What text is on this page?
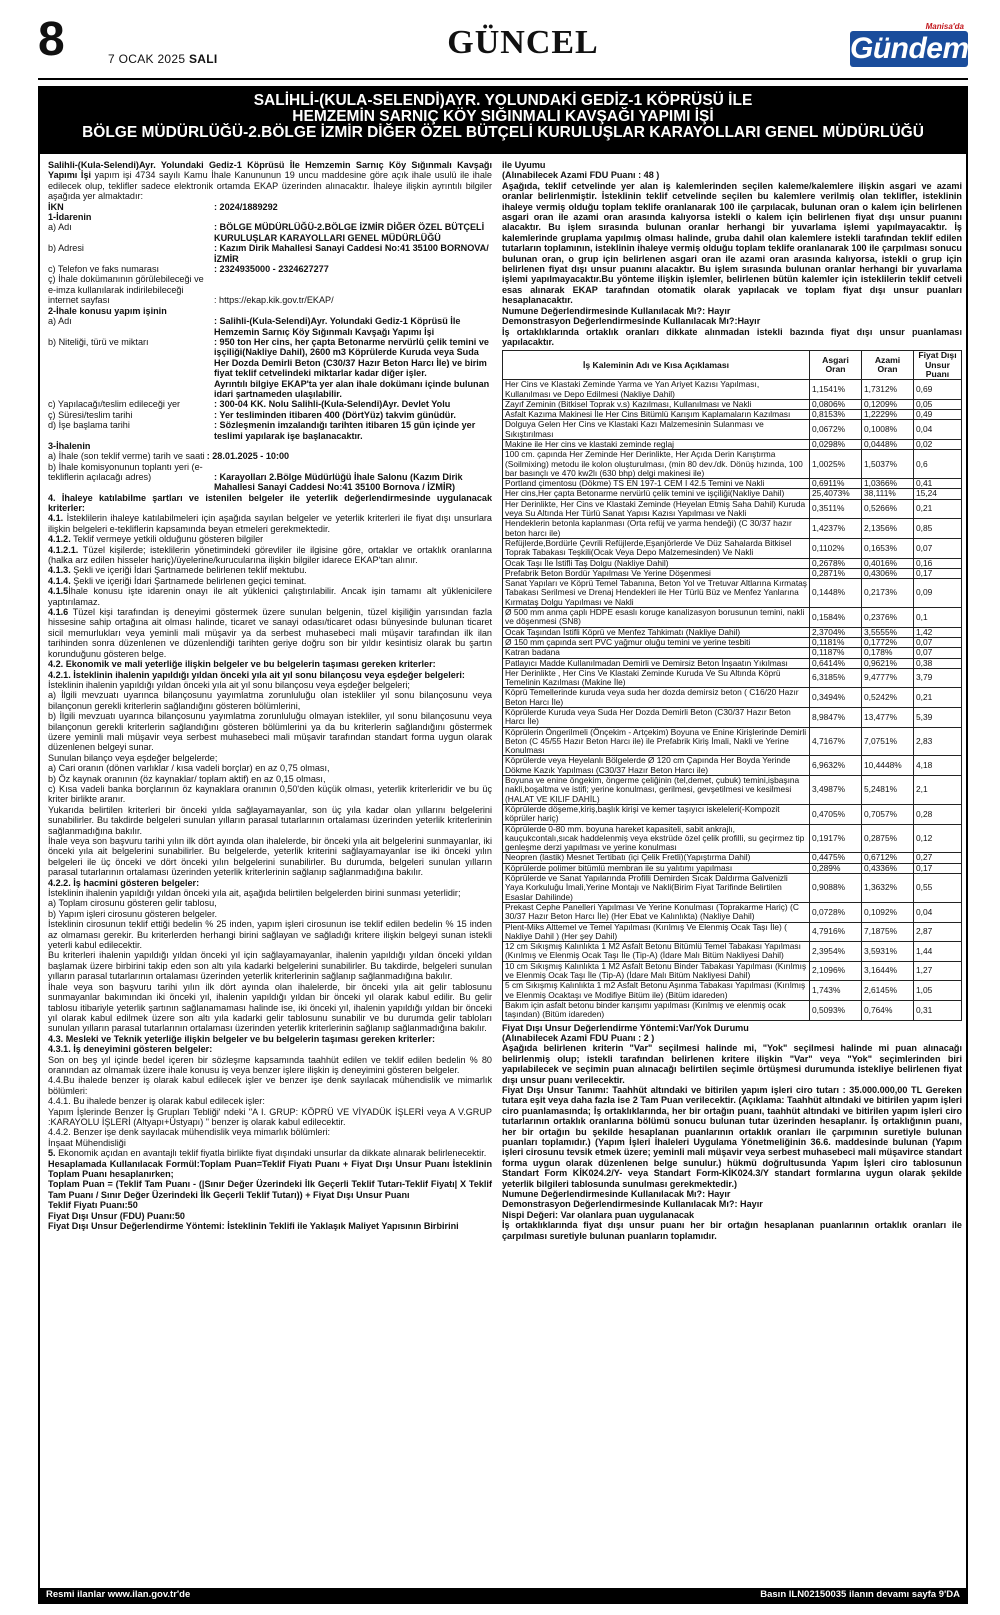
8	7 OCAK 2025 SALI	GÜNCEL	Manisa'da
Gündem
SALİHLİ-(KULA-SELENDİ)AYR. YOLUNDAKİ GEDİZ-1 KÖPRÜSÜ İLE
HEMZEMİN SARNIÇ KÖY SIĞINMALI KAVŞAĞI YAPIMI İŞİ
BÖLGE MÜDÜRLÜĞÜ-2.BÖLGE İZMİR DİĞER ÖZEL BÜTÇELİ KURULUŞLAR KARAYOLLARI GENEL MÜDÜRLÜĞÜ

Salihli-(Kula-Selendi)Ayr. Yolundaki Gediz-1 Köprüsü İle Hemzemin Sarnıç Köy Sığınmalı Kavşağı Yapımı İşi yapım işi 4734 sayılı Kamu İhale Kanununun 19 uncu maddesine göre açık ihale usulü ile ihale edilecek olup, teklifler sadece elektronik ortamda EKAP üzerinden alınacaktır. İhaleye ilişkin ayrıntılı bilgiler aşağıda yer almaktadır:

İKN	: 2024/1889292

1-İdarenin

a) Adı	: BÖLGE MÜDÜRLÜĞÜ-2.BÖLGE İZMİR DİĞER ÖZEL BÜTÇELİ KURULUŞLAR KARAYOLLARI GENEL MÜDÜRLÜĞÜ
b) Adresi	: Kazım Dirik Mahallesi Sanayi Caddesi No:41 35100 BORNOVA/İZMİR
c) Telefon ve faks numarası	: 2324935000 - 2324627277
ç) İhale dokümanının görülebileceği ve e-imza kullanılarak indirilebileceği internet sayfası	: https://ekap.kik.gov.tr/EKAP/

2-İhale konusu yapım işinin

a) Adı	: Salihli-(Kula-Selendi)Ayr. Yolundaki Gediz-1 Köprüsü İle Hemzemin Sarnıç Köy Sığınmalı Kavşağı Yapımı İşi
b) Niteliği, türü ve miktarı	: 950 ton Her cins, her çapta Betonarme nervürlü çelik temini ve işçiliği(Nakliye Dahil), 2600 m3 Köprülerde Kuruda veya Suda Her Dozda Demirli Beton (C30/37 Hazır Beton Harcı İle) ve birim fiyat teklif cetvelindeki miktarlar kadar diğer işler.
Ayrıntılı bilgiye EKAP'ta yer alan ihale dokümanı içinde bulunan idari şartnameden ulaşılabilir.
c) Yapılacağı/teslim edileceği yer	: 300-04 KK. Nolu Salihli-(Kula-Selendi)Ayr. Devlet Yolu
ç) Süresi/teslim tarihi	: Yer tesliminden itibaren 400 (DörtYüz) takvim günüdür.
d) İşe başlama tarihi	: Sözleşmenin imzalandığı tarihten itibaren 15 gün içinde yer teslimi yapılarak işe başlanacaktır.

3-İhalenin

a) İhale (son teklif verme) tarih ve saati : 28.01.2025 - 10:00
b) İhale komisyonunun toplantı yeri (e-tekliflerin açılacağı adres)	: Karayolları 2.Bölge Müdürlüğü İhale Salonu (Kazım Dirik Mahallesi Sanayi Caddesi No:41 35100 Bornova / İZMİR)

4. İhaleye katılabilme şartları ve istenilen belgeler ile yeterlik değerlendirmesinde uygulanacak kriterler:

4.1. İsteklilerin ihaleye katılabilmeleri için aşağıda sayılan belgeler ve yeterlik kriterleri ile fiyat dışı unsurlara ilişkin belgeleri e-tekliflerin kapsamında beyan etmeleri gerekmektedir.

4.1.2. Teklif vermeye yetkili olduğunu gösteren bilgiler

4.1.2.1. Tüzel kişilerde; isteklilerin yönetimindeki görevliler ile ilgisine göre, ortaklar ve ortaklık oranlarına (halka arz edilen hisseler hariç)/üyelerine/kurucularına ilişkin bilgiler idarece EKAP'tan alınır.

4.1.3. Şekli ve içeriği İdari Şartnamede belirlenen teklif mektubu.

4.1.4. Şekli ve içeriği İdari Şartnamede belirlenen geçici teminat.

4.1.5İhale konusu işte idarenin onayı ile alt yüklenici çalıştırılabilir. Ancak işin tamamı alt yüklenicilere yaptırılamaz.

4.1.6 Tüzel kişi tarafından iş deneyimi göstermek üzere sunulan belgenin, tüzel kişiliğin yarısından fazla hissesine sahip ortağına ait olması halinde, ticaret ve sanayi odası/ticaret odası bünyesinde bulunan ticaret sicil memurlukları veya yeminli mali müşavir ya da serbest muhasebeci mali müşavir tarafından ilk ilan tarihinden sonra düzenlenen ve düzenlendiği tarihten geriye doğru son bir yıldır kesintisiz olarak bu şartın korunduğunu gösteren belge.

4.2. Ekonomik ve mali yeterliğe ilişkin belgeler ve bu belgelerin taşıması gereken kriterler:

4.2.1. İsteklinin ihalenin yapıldığı yıldan önceki yıla ait yıl sonu bilançosu veya eşdeğer belgeleri:

İsteklinin ihalenin yapıldığı yıldan önceki yıla ait yıl sonu bilançosu veya eşdeğer belgeleri;

a) İlgili mevzuatı uyarınca bilançosunu yayımlatma zorunluluğu olan istekliler yıl sonu bilançosunu veya bilançonun gerekli kriterlerin sağlandığını gösteren bölümlerini,

b) İlgili mevzuatı uyarınca bilançosunu yayımlatma zorunluluğu olmayan istekliler, yıl sonu bilançosunu veya bilançonun gerekli kriterlerin sağlandığını gösteren bölümlerini ya da bu kriterlerin sağlandığını göstermek üzere yeminli mali müşavir veya serbest muhasebeci mali müşavir tarafından standart forma uygun olarak düzenlenen belgeyi sunar.

Sunulan bilanço veya eşdeğer belgelerde;

a) Cari oranın (dönen varlıklar / kısa vadeli borçlar) en az 0,75 olması,

b) Öz kaynak oranının (öz kaynaklar/ toplam aktif) en az 0,15 olması,

c) Kısa vadeli banka borçlarının öz kaynaklara oranının 0,50'den küçük olması, yeterlik kriterleridir ve bu üç kriter birlikte aranır.

Yukarıda belirtilen kriterleri bir önceki yılda sağlayamayanlar, son üç yıla kadar olan yıllarını belgelerini sunabilirler. Bu takdirde belgeleri sunulan yılların parasal tutarlarının ortalaması üzerinden yeterlik kriterlerinin sağlanmadığına bakılır.

İhale veya son başvuru tarihi yılın ilk dört ayında olan ihalelerde, bir önceki yıla ait belgelerini sunmayanlar, iki önceki yıla ait belgelerini sunabilirler. Bu belgelerde, yeterlik kriterini sağlayamayanlar ise iki önceki yılın belgeleri ile üç önceki ve dört önceki yılın belgelerini sunabilirler. Bu durumda, belgeleri sunulan yılların parasal tutarlarının ortalaması üzerinden yeterlik kriterlerinin sağlanıp sağlanmadığına bakılır.

4.2.2. İş hacmini gösteren belgeler:

İsteklinin ihalenin yapıldığı yıldan önceki yıla ait, aşağıda belirtilen belgelerden birini sunması yeterlidir;

a) Toplam cirosunu gösteren gelir tablosu,

b) Yapım işleri cirosunu gösteren belgeler.

İsteklinin cirosunun teklif ettiği bedelin % 25 inden, yapım işleri cirosunun ise teklif edilen bedelin % 15 inden az olmaması gerekir. Bu kriterlerden herhangi birini sağlayan ve sağladığı kritere ilişkin belgeyi sunan istekli yeterli kabul edilecektir.

Bu kriterleri ihalenin yapıldığı yıldan önceki yıl için sağlayamayanlar, ihalenin yapıldığı yıldan önceki yıldan başlamak üzere birbirini takip eden son altı yıla kadarki belgelerini sunabilirler. Bu takdirde, belgeleri sunulan yılların parasal tutarlarının ortalaması üzerinden yeterlik kriterlerinin sağlanıp sağlanmadığına bakılır.

İhale veya son başvuru tarihi yılın ilk dört ayında olan ihalelerde, bir önceki yıla ait gelir tablosunu sunmayanlar bakımından iki önceki yıl, ihalenin yapıldığı yıldan bir önceki yıl olarak kabul edilir. Bu gelir tablosu itibariyle yeterlik şartının sağlanamaması halinde ise, iki önceki yıl, ihalenin yapıldığı yıldan bir önceki yıl olarak kabul edilmek üzere son altı yıla kadarki gelir tablosunu sunabilir ve bu durumda gelir tabloları sunulan yılların parasal tutarlarının ortalaması üzerinden yeterlik kriterlerinin sağlanıp sağlanmadığına bakılır.

4.3. Mesleki ve Teknik yeterliğe ilişkin belgeler ve bu belgelerin taşıması gereken kriterler:

4.3.1. İş deneyimini gösteren belgeler:

Son on beş yıl içinde bedel içeren bir sözleşme kapsamında taahhüt edilen ve teklif edilen bedelin % 80 oranından az olmamak üzere ihale konusu iş veya benzer işlere ilişkin iş deneyimini gösteren belgeler.

4.4.Bu ihalede benzer iş olarak kabul edilecek işler ve benzer işe denk sayılacak mühendislik ve mimarlık bölümleri:

4.4.1. Bu ihalede benzer iş olarak kabul edilecek işler:

Yapım İşlerinde Benzer İş Grupları Tebliği' ndeki "A I. GRUP: KÖPRÜ VE VİYADÜK İŞLERİ veya A V.GRUP :KARAYOLU İŞLERİ (Altyapı+Üstyapı) " benzer iş olarak kabul edilecektir.

4.4.2. Benzer işe denk sayılacak mühendislik veya mimarlık bölümleri:

İnşaat Mühendisliği

5. Ekonomik açıdan en avantajlı teklif fiyatla birlikte fiyat dışındaki unsurlar da dikkate alınarak belirlenecektir.

Hesaplamada Kullanılacak Formül:Toplam Puan=Teklif Fiyatı Puanı + Fiyat Dışı Unsur Puanı İsteklinin Toplam Puanı hesaplanırken;

Toplam Puan = (Teklif Tam Puanı - (|Sınır Değer Üzerindeki İlk Geçerli Teklif Tutarı-Teklif Fiyatı| X Teklif Tam Puanı / Sınır Değer Üzerindeki İlk Geçerli Teklif Tutarı)) + Fiyat Dışı Unsur Puanı

Teklif Fiyatı Puanı:50

Fiyat Dışı Unsur (FDU) Puanı:50

Fiyat Dışı Unsur Değerlendirme Yöntemi: İsteklinin Teklifi ile Yaklaşık Maliyet Yapısının Birbirini

ile Uyumu

(Alınabilecek Azami FDU Puanı : 48 )

Aşağıda, teklif cetvelinde yer alan iş kalemlerinden seçilen kaleme/kalemlere ilişkin asgari ve azami oranlar belirlenmiştir. İsteklinin teklif cetvelinde seçilen bu kalemlere verilmiş olan teklifler, isteklinin ihaleye vermiş olduğu toplam teklife oranlanarak 100 ile çarpılacak, bulunan oran o kalem için belirlenen asgari oran ile azami oran arasında kalıyorsa istekli o kalem için belirlenen fiyat dışı unsur puanını alacaktır. Bu işlem sırasında bulunan oranlar herhangi bir yuvarlama işlemi yapılmayacaktır. İş kalemlerinde gruplama yapılmış olması halinde, gruba dahil olan kalemlere istekli tarafından teklif edilen tutarların toplamının, isteklinin ihaleye vermiş olduğu toplam teklife oranlanarak 100 ile çarpılması sonucu bulunan oran, o grup için belirlenen asgari oran ile azami oran arasında kalıyorsa, istekli o grup için belirlenen fiyat dışı unsur puanını alacaktır. Bu işlem sırasında bulunan oranlar herhangi bir yuvarlama işlemi yapılmayacaktır.Bu yönteme ilişkin işlemler, belirlenen bütün kalemler için isteklilerin teklif cetveli esas alınarak EKAP tarafından otomatik olarak yapılacak ve toplam fiyat dışı unsur puanları hesaplanacaktır.

Numune Değerlendirmesinde Kullanılacak Mı?: Hayır

Demonstrasyon Değerlendirmesinde Kullanılacak Mı?:Hayır

İş ortaklıklarında ortaklık oranları dikkate alınmadan istekli bazında fiyat dışı unsur puanlaması yapılacaktır.

İş Kaleminin Adı ve Kısa Açıklaması	Asgari Oran	Azami Oran	Fiyat Dışı Unsur Puanı
Her Cins ve Klastaki Zeminde Yarma ve Yan Ariyet Kazısı Yapılması, Kullanılması ve Depo Edilmesi (Nakliye Dahil)	1,1541%	1,7312%	0,69
Zayıf Zeminin (Bitkisel Toprak v.s) Kazılması, Kullanılması ve Nakli	0,0806%	0,1209%	0,05
Asfalt Kazıma Makinesi İle Her Cins Bitümlü Karışım Kaplamaların Kazılması	0,8153%	1,2229%	0,49
Dolguya Gelen Her Cins ve Klastaki Kazı Malzemesinin Sulanması ve Sıkıştırılması	0,0672%	0,1008%	0,04
Makine ile Her cins ve klastaki zeminde reglaj	0,0298%	0,0448%	0,02
100 cm. çapında Her Zeminde Her Derinlikte, Her Açıda Derin Karıştırma (Soilmixing) metodu ile kolon oluşturulması, (min 80 dev./dk. Dönüş hızında, 100 bar basınçlı ve 470 kw2lı (630 bhp) delgi makinesi ile)	1,0025%	1,5037%	0,6
Portland çimentosu (Dökme) TS EN 197-1 CEM I 42.5 Temini ve Nakli	0,6911%	1,0366%	0,41
Her cins,Her çapta Betonarme nervürlü çelik temini ve işçiliği(Nakliye Dahil)	25,4073%	38,111%	15,24
Her Derinlikte, Her Cins ve Klastaki Zeminde (Heyelan Etmiş Saha Dahil) Kuruda veya Su Altında Her Türlü Sanat Yapısı Kazısı Yapılması ve Nakli	0,3511%	0,5266%	0,21
Hendeklerin betonla kaplanması (Orta refüj ve yarma hendeği) (C 30/37 hazır beton harcı ile)	1,4237%	2,1356%	0,85
Refüjlerde,Bordürle Çevrili Refüjlerde,Eşanjörlerde Ve Düz Sahalarda Bitkisel Toprak Tabakası Teşkili(Ocak Veya Depo Malzemesinden) Ve Nakli	0,1102%	0,1653%	0,07
Ocak Taşı İle İstifli Taş Dolgu (Nakliye Dahil)	0,2678%	0,4016%	0,16
Prefabrik Beton Bordür Yapılması Ve Yerine Döşenmesi	0,2871%	0,4306%	0,17
Sanat Yapıları ve Köprü Temel Tabanına, Beton Yol ve Tretuvar Altlarına Kırmataş Tabakası Serilmesi ve Drenaj Hendekleri ile Her Türlü Büz ve Menfez Yanlarına Kırmataş Dolgu Yapılması ve Nakli	0,1448%	0,2173%	0,09
Ø 500 mm anma çaplı HDPE esaslı koruge kanalizasyon borusunun temini, nakli ve döşenmesi (SN8)	0,1584%	0,2376%	0,1
Ocak Taşından İstifli Köprü ve Menfez Tahkimatı (Nakliye Dahil)	2,3704%	3,5555%	1,42
Ø 150 mm çapında sert PVC yağmur oluğu temini ve yerine tesbiti	0,1181%	0,1772%	0,07
Katran badana	0,1187%	0,178%	0,07
Patlayıcı Madde Kullanılmadan Demirli ve Demirsiz Beton İnşaatın Yıkılması	0,6414%	0,9621%	0,38
Her Derinlikte , Her Cins Ve Klastaki Zeminde Kuruda Ve Su Altında Köprü Temelinin Kazılması (Makine İle)	6,3185%	9,4777%	3,79
Köprü Temellerinde kuruda veya suda her dozda demirsiz beton ( C16/20 Hazır Beton Harcı İle)	0,3494%	0,5242%	0,21
Köprülerde Kuruda veya Suda Her Dozda Demirli Beton (C30/37 Hazır Beton Harcı İle)	8,9847%	13,477%	5,39
Köprülerin Öngerilmeli (Önçekim - Artçekim) Boyuna ve Enine Kirişlerinde Demirli Beton (C 45/55 Hazır Beton Harcı ile) ile Prefabrik Kiriş İmali, Nakli ve Yerine Konulması	4,7167%	7,0751%	2,83
Köprülerde veya Heyelanlı Bölgelerde Ø 120 cm Çapında Her Boyda Yerinde Dökme Kazık Yapılması (C30/37 Hazır Beton Harcı ile)	6,9632%	10,4448%	4,18
Boyuna ve enine öngekim, öngerme çeliğinin (tel,demet, çubuk) temini,işbaşına nakli,boşaltma ve istifi; yerine konulması, gerilmesi, gevşetilmesi ve kesilmesi (HALAT VE KILIF DAHİL)	3,4987%	5,2481%	2,1
Köprülerde döşeme,kiriş,başlık kirişi ve kemer taşıyıcı iskeleleri(-Kompozit köprüler hariç)	0,4705%	0,7057%	0,28
Köprülerde 0-80 mm. boyuna hareket kapasiteli, sabit ankrajlı, kauçukcontalı,sıcak haddelenmiş veya ekstrüde özel çelik profilli, su geçirmez tip genleşme derzi yapılması ve yerine konulması	0,1917%	0,2875%	0,12
Neopren (lastik) Mesnet Tertibatı (içi Çelik Fretli)(Yapıştırma Dahil)	0,4475%	0,6712%	0,27
Köprülerde polimer bitümlü membran ile su yalıtımı yapılması	0,289%	0,4336%	0,17
Köprülerde ve Sanat Yapılarında Profilli Demirden Sıcak Daldırma Galvenizli Yaya Korkuluğu İmali,Yerine Montajı ve Nakli(Birim Fiyat Tarifinde Belirtilen Esaslar Dahilinde)	0,9088%	1,3632%	0,55
Prekast Cephe Panelleri Yapılması Ve Yerine Konulması (Toprakarme Hariç) (C 30/37 Hazır Beton Harcı İle) (Her Ebat ve Kalınlıkta) (Nakliye Dahil)	0,0728%	0,1092%	0,04
Plent-Miks Alttemel ve Temel Yapılması (Kırılmış Ve Elenmiş Ocak Taşı İle) ( Nakliye Dahil ) (Her şey Dahil)	4,7916%	7,1875%	2,87
12 cm Sıkışmış Kalınlıkta 1 M2 Asfalt Betonu Bitümlü Temel Tabakası Yapılması (Kırılmış ve Elenmiş Ocak Taşı İle (Tip-A) (İdare Malı Bitüm Nakliyesi Dahil)	2,3954%	3,5931%	1,44
10 cm Sıkışmış Kalınlıkta 1 M2 Asfalt Betonu Binder Tabakası Yapılması (Kırılmış ve Elenmiş Ocak Taşı İle (Tip-A) (İdare Malı Bitüm Nakliyesi Dahil)	2,1096%	3,1644%	1,27
5 cm Sıkışmış Kalınlıkta 1 m2 Asfalt Betonu Aşınma Tabakası Yapılması (Kırılmış ve Elenmiş Ocaktaşı ve Modifiye Bitüm ile) (Bitüm idareden)	1,743%	2,6145%	1,05
Bakım için asfalt betonu binder karışımı yapılması (Kırılmış ve elenmiş ocak taşından) (Bitüm idareden)	0,5093%	0,764%	0,31

Fiyat Dışı Unsur Değerlendirme Yöntemi:Var/Yok Durumu

(Alınabilecek Azami FDU Puanı : 2 )

Aşağıda belirlenen kriterin "Var" seçilmesi halinde mi, "Yok" seçilmesi halinde mi puan alınacağı belirlenmiş olup; istekli tarafından belirlenen kritere ilişkin "Var" veya "Yok" seçimlerinden biri yapılabilecek ve seçimin puan alınacağı belirtilen seçimle örtüşmesi durumunda istekliye belirlenen fiyat dışı unsur puanı verilecektir.

Fiyat Dışı Unsur Tanımı: Taahhüt altındaki ve bitirilen yapım işleri ciro tutarı : 35.000.000,00 TL Gereken tutara eşit veya daha fazla ise 2 Tam Puan verilecektir. (Açıklama: Taahhüt altındaki ve bitirilen yapım işleri ciro puanlamasında; İş ortaklıklarında, her bir ortağın puanı, taahhüt altındaki ve bitirilen yapım işleri ciro tutarlarının ortaklık oranlarına bölümü sonucu bulunan tutar üzerinden hesaplanır. İş ortaklığının puanı, her bir ortağın bu şekilde hesaplanan puanlarının ortaklık oranları ile çarpımının suretiyle bulunan puanları toplamıdır.) (Yapım İşleri İhaleleri Uygulama Yönetmeliğinin 36.6. maddesinde bulunan (Yapım işleri cirosunu tevsik etmek üzere; yeminli mali müşavir veya serbest muhasebeci mali müşavirce standart forma uygun olarak düzenlenen belge sunulur.) hükmü doğrultusunda Yapım İşleri ciro tablosunun Standart Form KİK024.2/Y- veya Standart Form-KİK024.3/Y standart formlarına uygun olarak şekilde yeterlik bilgileri tablosunda sunulması gerekmektedir.)

Numune Değerlendirmesinde Kullanılacak Mı?: Hayır

Demonstrasyon Değerlendirmesinde Kullanılacak Mı?: Hayır

Nispi Değeri: Var olanlara puan uygulanacak

İş ortaklıklarında fiyat dışı unsur puanı her bir ortağın hesaplanan puanlarının ortaklık oranları ile çarpılması suretiyle bulunan puanların toplamıdır.

Resmi ilanlar www.ilan.gov.tr'de	Basın ILN02150035 ilanın devamı sayfa 9'DA
